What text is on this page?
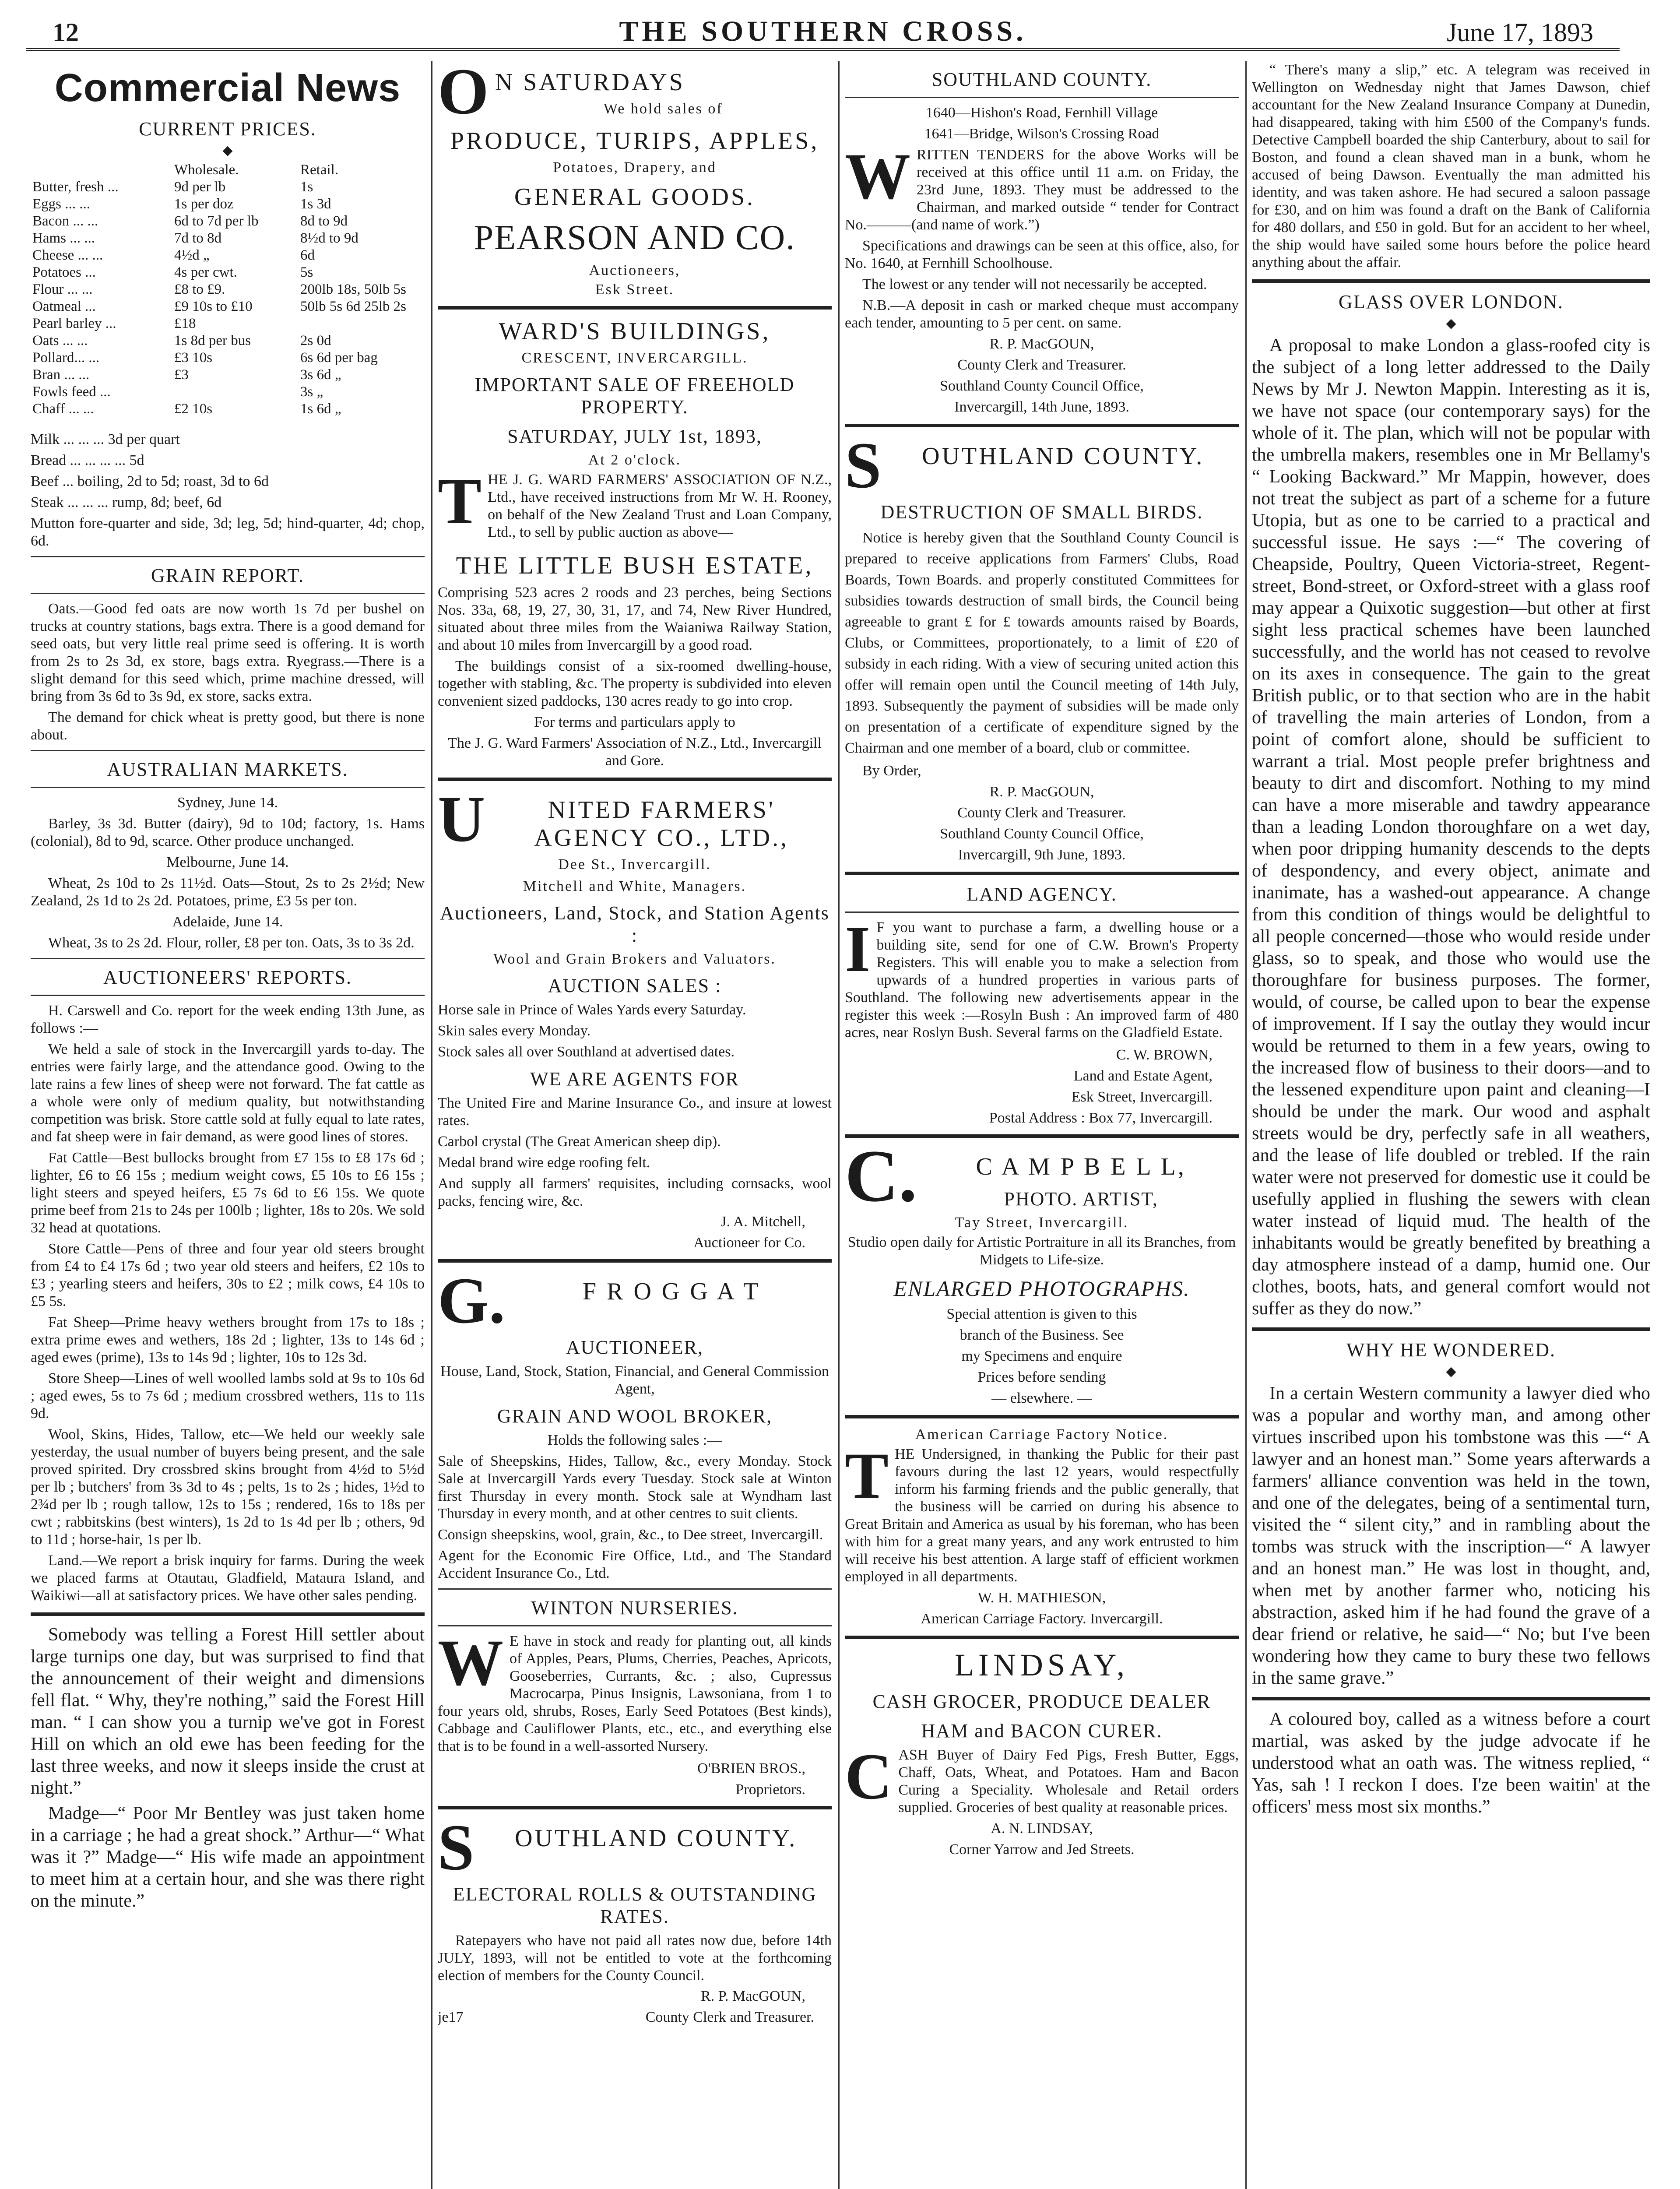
12	THE SOUTHERN CROSS.	June 17, 1893
Commercial News
CURRENT PRICES.
◆
	Wholesale.	Retail.
Butter, fresh ...	9d per lb	1s
Eggs ... ...	1s per doz	1s 3d
Bacon ... ...	6d to 7d per lb	8d to 9d
Hams ... ...	7d to 8d	8½d to 9d
Cheese ... ...	4½d „	6d
Potatoes ...	4s per cwt.	5s
Flour ... ...	£8 to £9.	200lb 18s, 50lb 5s
Oatmeal ...	£9 10s to £10	50lb 5s 6d 25lb 2s
Pearl barley ...	£18	
Oats ... ...	1s 8d per bus	2s 0d
Pollard... ...	£3 10s	6s 6d per bag
Bran ... ...	£3	3s 6d „
Fowls feed ...		3s „
Chaff ... ...	£2 10s	1s 6d „

Milk ... ... ... 3d per quart

Bread ... ... ... ... 5d

Beef ... boiling, 2d to 5d; roast, 3d to 6d

Steak ... ... ... rump, 8d; beef, 6d

Mutton fore-quarter and side, 3d; leg, 5d; hind-quarter, 4d; chop, 6d.

GRAIN REPORT.

Oats.—Good fed oats are now worth 1s 7d per bushel on trucks at country stations, bags extra. There is a good demand for seed oats, but very little real prime seed is offering. It is worth from 2s to 2s 3d, ex store, bags extra. Ryegrass.—There is a slight demand for this seed which, prime machine dressed, will bring from 3s 6d to 3s 9d, ex store, sacks extra.

The demand for chick wheat is pretty good, but there is none about.

AUSTRALIAN MARKETS.

Sydney, June 14.

Barley, 3s 3d. Butter (dairy), 9d to 10d; factory, 1s. Hams (colonial), 8d to 9d, scarce. Other produce unchanged.

Melbourne, June 14.

Wheat, 2s 10d to 2s 11½d. Oats—Stout, 2s to 2s 2½d; New Zealand, 2s 1d to 2s 2d. Potatoes, prime, £3 5s per ton.

Adelaide, June 14.

Wheat, 3s to 2s 2d. Flour, roller, £8 per ton. Oats, 3s to 3s 2d.

AUCTIONEERS' REPORTS.

H. Carswell and Co. report for the week ending 13th June, as follows :—

We held a sale of stock in the Invercargill yards to-day. The entries were fairly large, and the attendance good. Owing to the late rains a few lines of sheep were not forward. The fat cattle as a whole were only of medium quality, but notwithstanding competition was brisk. Store cattle sold at fully equal to late rates, and fat sheep were in fair demand, as were good lines of stores.

Fat Cattle—Best bullocks brought from £7 15s to £8 17s 6d ; lighter, £6 to £6 15s ; medium weight cows, £5 10s to £6 15s ; light steers and speyed heifers, £5 7s 6d to £6 15s. We quote prime beef from 21s to 24s per 100lb ; lighter, 18s to 20s. We sold 32 head at quotations.

Store Cattle—Pens of three and four year old steers brought from £4 to £4 17s 6d ; two year old steers and heifers, £2 10s to £3 ; yearling steers and heifers, 30s to £2 ; milk cows, £4 10s to £5 5s.

Fat Sheep—Prime heavy wethers brought from 17s to 18s ; extra prime ewes and wethers, 18s 2d ; lighter, 13s to 14s 6d ; aged ewes (prime), 13s to 14s 9d ; lighter, 10s to 12s 3d.

Store Sheep—Lines of well woolled lambs sold at 9s to 10s 6d ; aged ewes, 5s to 7s 6d ; medium crossbred wethers, 11s to 11s 9d.

Wool, Skins, Hides, Tallow, etc—We held our weekly sale yesterday, the usual number of buyers being present, and the sale proved spirited. Dry crossbred skins brought from 4½d to 5½d per lb ; butchers' from 3s 3d to 4s ; pelts, 1s to 2s ; hides, 1½d to 2¾d per lb ; rough tallow, 12s to 15s ; rendered, 16s to 18s per cwt ; rabbitskins (best winters), 1s 2d to 1s 4d per lb ; others, 9d to 11d ; horse-hair, 1s per lb.

Land.—We report a brisk inquiry for farms. During the week we placed farms at Otautau, Gladfield, Mataura Island, and Waikiwi—all at satisfactory prices. We have other sales pending.

Somebody was telling a Forest Hill settler about large turnips one day, but was surprised to find that the announcement of their weight and dimensions fell flat. “ Why, they're nothing,” said the Forest Hill man. “ I can show you a turnip we've got in Forest Hill on which an old ewe has been feeding for the last three weeks, and now it sleeps inside the crust at night.”

Madge—“ Poor Mr Bentley was just taken home in a carriage ; he had a great shock.” Arthur—“ What was it ?” Madge—“ His wife made an appointment to meet him at a certain hour, and she was there right on the minute.”

O N SATURDAYS
We hold sales of
PRODUCE, TURIPS, APPLES,
Potatoes, Drapery, and
GENERAL GOODS.
PEARSON AND CO.
Auctioneers,
Esk Street.
WARD'S BUILDINGS,
CRESCENT, INVERCARGILL.
IMPORTANT SALE OF FREEHOLD PROPERTY.
SATURDAY, JULY 1st, 1893,
At 2 o'clock.
T HE J. G. WARD FARMERS' ASSOCIATION OF N.Z., Ltd., have received instructions from Mr W. H. Rooney, on behalf of the New Zealand Trust and Loan Company, Ltd., to sell by public auction as above—

THE LITTLE BUSH ESTATE,

Comprising 523 acres 2 roods and 23 perches, being Sections Nos. 33a, 68, 19, 27, 30, 31, 17, and 74, New River Hundred, situated about three miles from the Waianiwa Railway Station, and about 10 miles from Invercargill by a good road.

The buildings consist of a six-roomed dwelling-house, together with stabling, &c. The property is subdivided into eleven convenient sized paddocks, 130 acres ready to go into crop.

For terms and particulars apply to

The J. G. Ward Farmers' Association of N.Z., Ltd., Invercargill and Gore.

U	NITED FARMERS' AGENCY CO., LTD.,
Dee St., Invercargill.
Mitchell and White, Managers.
Auctioneers, Land, Stock, and Station Agents :
Wool and Grain Brokers and Valuators.
AUCTION SALES :

Horse sale in Prince of Wales Yards every Saturday.

Skin sales every Monday.

Stock sales all over Southland at advertised dates.

WE ARE AGENTS FOR

The United Fire and Marine Insurance Co., and insure at lowest rates.

Carbol crystal (The Great American sheep dip).

Medal brand wire edge roofing felt.

And supply all farmers' requisites, including cornsacks, wool packs, fencing wire, &c.

J. A. Mitchell,
Auctioneer for Co.
G.	F R O G G A T
AUCTIONEER,

House, Land, Stock, Station, Financial, and General Commission Agent,

GRAIN AND WOOL BROKER,

Holds the following sales :—

Sale of Sheepskins, Hides, Tallow, &c., every Monday. Stock Sale at Invercargill Yards every Tuesday. Stock sale at Winton first Thursday in every month. Stock sale at Wyndham last Thursday in every month, and at other centres to suit clients.

Consign sheepskins, wool, grain, &c., to Dee street, Invercargill.

Agent for the Economic Fire Office, Ltd., and The Standard Accident Insurance Co., Ltd.

WINTON NURSERIES.
W E have in stock and ready for planting out, all kinds of Apples, Pears, Plums, Cherries, Peaches, Apricots, Gooseberries, Currants, &c. ; also, Cupressus Macrocarpa, Pinus Insignis, Lawsoniana, from 1 to four years old, shrubs, Roses, Early Seed Potatoes (Best kinds), Cabbage and Cauliflower Plants, etc., etc., and everything else that is to be found in a well-assorted Nursery.

O'BRIEN BROS.,
Proprietors.
S	OUTHLAND COUNTY.
ELECTORAL ROLLS & OUTSTANDING RATES.

Ratepayers who have not paid all rates now due, before 14th JULY, 1893, will not be entitled to vote at the forthcoming election of members for the County Council.

R. P. MacGOUN,
je17	County Clerk and Treasurer.
SOUTHLAND COUNTY.

1640—Hishon's Road, Fernhill Village

1641—Bridge, Wilson's Crossing Road

W RITTEN TENDERS for the above Works will be received at this office until 11 a.m. on Friday, the 23rd June, 1893. They must be addressed to the Chairman, and marked outside “ tender for Contract No.———(and name of work.”)

Specifications and drawings can be seen at this office, also, for No. 1640, at Fernhill Schoolhouse.

The lowest or any tender will not necessarily be accepted.

N.B.—A deposit in cash or marked cheque must accompany each tender, amounting to 5 per cent. on same.

R. P. MacGOUN,

County Clerk and Treasurer.

Southland County Council Office,

Invercargill, 14th June, 1893.

S	OUTHLAND COUNTY.
DESTRUCTION OF SMALL BIRDS.

Notice is hereby given that the Southland County Council is prepared to receive applications from Farmers' Clubs, Road Boards, Town Boards. and properly constituted Committees for subsidies towards destruction of small birds, the Council being agreeable to grant £ for £ towards amounts raised by Boards, Clubs, or Committees, proportionately, to a limit of £20 of subsidy in each riding. With a view of securing united action this offer will remain open until the Council meeting of 14th July, 1893. Subsequently the payment of subsidies will be made only on presentation of a certificate of expenditure signed by the Chairman and one member of a board, club or committee.

By Order,

R. P. MacGOUN,

County Clerk and Treasurer.

Southland County Council Office,

Invercargill, 9th June, 1893.

LAND AGENCY.
I F you want to purchase a farm, a dwelling house or a building site, send for one of C.W. Brown's Property Registers. This will enable you to make a selection from upwards of a hundred properties in various parts of Southland. The following new advertisements appear in the register this week :—Rosyln Bush : An improved farm of 480 acres, near Roslyn Bush. Several farms on the Gladfield Estate.

C. W. BROWN,
Land and Estate Agent,
Esk Street, Invercargill.
Postal Address : Box 77, Invercargill.
C.	C A M P B E L L,
PHOTO. ARTIST,
Tay Street, Invercargill.

Studio open daily for Artistic Portraiture in all its Branches, from Midgets to Life-size.

ENLARGED PHOTOGRAPHS.

Special attention is given to this

branch of the Business. See

my Specimens and enquire

Prices before sending

— elsewhere. —

American Carriage Factory Notice.
T HE Undersigned, in thanking the Public for their past favours during the last 12 years, would respectfully inform his farming friends and the public generally, that the business will be carried on during his absence to Great Britain and America as usual by his foreman, who has been with him for a great many years, and any work entrusted to him will receive his best attention. A large staff of efficient workmen employed in all departments.

W. H. MATHIESON,

American Carriage Factory. Invercargill.

LINDSAY,
CASH GROCER, PRODUCE DEALER
HAM and BACON CURER.
C ASH Buyer of Dairy Fed Pigs, Fresh Butter, Eggs, Chaff, Oats, Wheat, and Potatoes. Ham and Bacon Curing a Speciality. Wholesale and Retail orders supplied. Groceries of best quality at reasonable prices.

A. N. LINDSAY,

Corner Yarrow and Jed Streets.

“ There's many a slip,” etc. A telegram was received in Wellington on Wednesday night that James Dawson, chief accountant for the New Zealand Insurance Company at Dunedin, had disappeared, taking with him £500 of the Company's funds. Detective Campbell boarded the ship Canterbury, about to sail for Boston, and found a clean shaved man in a bunk, whom he accused of being Dawson. Eventually the man admitted his identity, and was taken ashore. He had secured a saloon passage for £30, and on him was found a draft on the Bank of California for 480 dollars, and £50 in gold. But for an accident to her wheel, the ship would have sailed some hours before the police heard anything about the affair.

GLASS OVER LONDON.
◆

A proposal to make London a glass-roofed city is the subject of a long letter addressed to the Daily News by Mr J. Newton Mappin. Interesting as it is, we have not space (our contemporary says) for the whole of it. The plan, which will not be popular with the umbrella makers, resembles one in Mr Bellamy's “ Looking Backward.” Mr Mappin, however, does not treat the subject as part of a scheme for a future Utopia, but as one to be carried to a practical and successful issue. He says :—“ The covering of Cheapside, Poultry, Queen Victoria-street, Regent-street, Bond-street, or Oxford-street with a glass roof may appear a Quixotic suggestion—but other at first sight less practical schemes have been launched successfully, and the world has not ceased to revolve on its axes in consequence. The gain to the great British public, or to that section who are in the habit of travelling the main arteries of London, from a point of comfort alone, should be sufficient to warrant a trial. Most people prefer brightness and beauty to dirt and discomfort. Nothing to my mind can have a more miserable and tawdry appearance than a leading London thoroughfare on a wet day, when poor dripping humanity descends to the depts of despondency, and every object, animate and inanimate, has a washed-out appearance. A change from this condition of things would be delightful to all people concerned—those who would reside under glass, so to speak, and those who would use the thoroughfare for business purposes. The former, would, of course, be called upon to bear the expense of improvement. If I say the outlay they would incur would be returned to them in a few years, owing to the increased flow of business to their doors—and to the lessened expenditure upon paint and cleaning—I should be under the mark. Our wood and asphalt streets would be dry, perfectly safe in all weathers, and the lease of life doubled or trebled. If the rain water were not preserved for domestic use it could be usefully applied in flushing the sewers with clean water instead of liquid mud. The health of the inhabitants would be greatly benefited by breathing a day atmosphere instead of a damp, humid one. Our clothes, boots, hats, and general comfort would not suffer as they do now.”

WHY HE WONDERED.
◆

In a certain Western community a lawyer died who was a popular and worthy man, and among other virtues inscribed upon his tombstone was this —“ A lawyer and an honest man.” Some years afterwards a farmers' alliance convention was held in the town, and one of the delegates, being of a sentimental turn, visited the “ silent city,” and in rambling about the tombs was struck with the inscription—“ A lawyer and an honest man.” He was lost in thought, and, when met by another farmer who, noticing his abstraction, asked him if he had found the grave of a dear friend or relative, he said—“ No; but I've been wondering how they came to bury these two fellows in the same grave.”

A coloured boy, called as a witness before a court martial, was asked by the judge advocate if he understood what an oath was. The witness replied, “ Yas, sah ! I reckon I does. I'ze been waitin' at the officers' mess most six months.”
